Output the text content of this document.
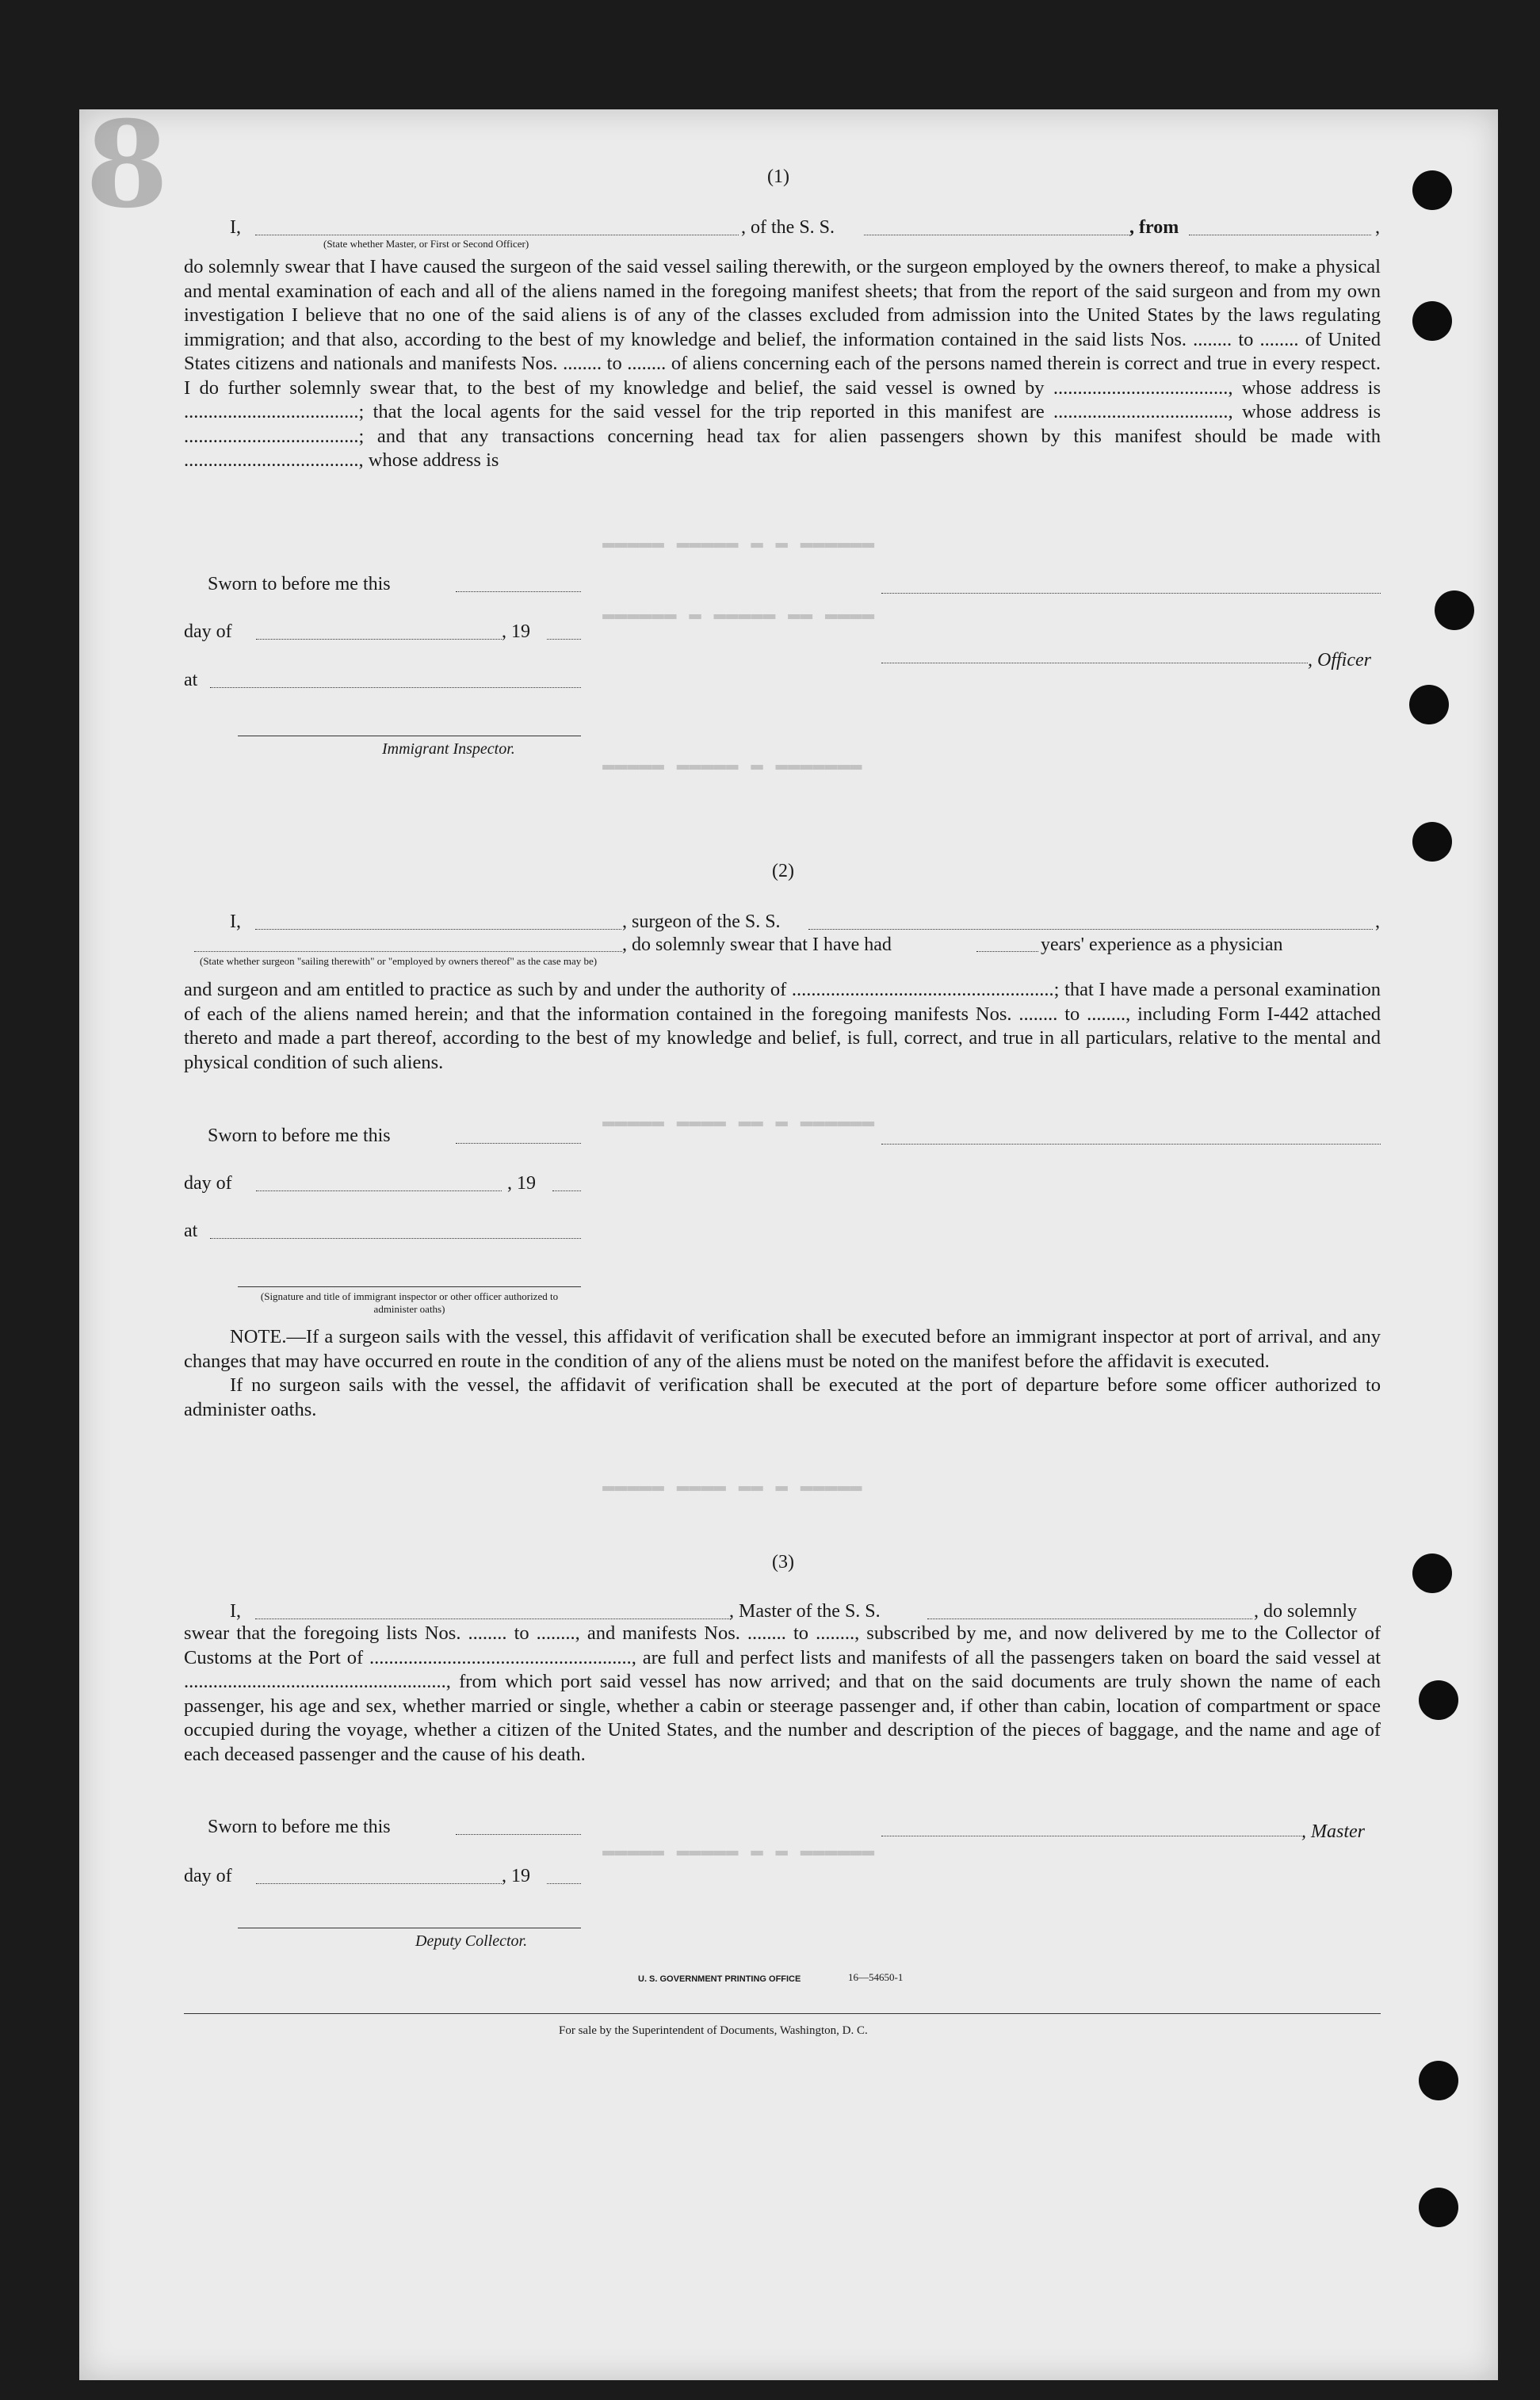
8
▬▬▬▬▬ ▬▬▬▬▬ ▬ ▬ ▬▬▬▬▬▬
▬▬▬▬▬▬ ▬ ▬▬▬▬▬ ▬▬ ▬▬▬▬
▬▬▬▬▬ ▬▬▬▬▬ ▬ ▬▬▬▬▬▬▬
▬▬▬▬▬ ▬▬▬▬ ▬▬ ▬ ▬▬▬▬▬▬
▬▬▬▬▬ ▬▬▬▬ ▬▬ ▬ ▬▬▬▬▬
▬▬▬▬▬ ▬▬▬▬▬ ▬ ▬ ▬▬▬▬▬▬
(1)
I,	, of the S. S.	, from	,
(State whether Master, or First or Second Officer)

do solemnly swear that I have caused the surgeon of the said vessel sailing therewith, or the surgeon employed by the owners thereof, to make a physical and mental examination of each and all of the aliens named in the foregoing manifest sheets; that from the report of the said surgeon and from my own investigation I believe that no one of the said aliens is of any of the classes excluded from admission into the United States by the laws regulating immigration; and that also, according to the best of my knowledge and belief, the information contained in the said lists Nos. ........ to ........ of United States citizens and nationals and manifests Nos. ........ to ........ of aliens concerning each of the persons named therein is correct and true in every respect. I do further solemnly swear that, to the best of my knowledge and belief, the said vessel is owned by ...................................., whose address is ....................................; that the local agents for the said vessel for the trip reported in this manifest are ...................................., whose address is ....................................; and that any transactions concerning head tax for alien passengers shown by this manifest should be made with ...................................., whose address is

Sworn to before me this
day of	, 19
at
Immigrant Inspector.
, Officer
(2)
I,	, surgeon of the S. S.	,
, do solemnly swear that I have had	years' experience as a physician
(State whether surgeon "sailing therewith" or "employed by owners thereof" as the case may be)

and surgeon and am entitled to practice as such by and under the authority of ......................................................; that I have made a personal examination of each of the aliens named herein; and that the information contained in the foregoing manifests Nos. ........ to ........, including Form I-442 attached thereto and made a part thereof, according to the best of my knowledge and belief, is full, correct, and true in all particulars, relative to the mental and physical condition of such aliens.

Sworn to before me this
day of	, 19
at
(Signature and title of immigrant inspector or other officer authorized to administer oaths)

NOTE.—If a surgeon sails with the vessel, this affidavit of verification shall be executed before an immigrant inspector at port of arrival, and any changes that may have occurred en route in the condition of any of the aliens must be noted on the manifest before the affidavit is executed.

If no surgeon sails with the vessel, the affidavit of verification shall be executed at the port of departure before some officer authorized to administer oaths.

(3)
I,	, Master of the S. S.	, do solemnly

swear that the foregoing lists Nos. ........ to ........, and manifests Nos. ........ to ........, subscribed by me, and now delivered by me to the Collector of Customs at the Port of ......................................................, are full and perfect lists and manifests of all the passengers taken on board the said vessel at ......................................................, from which port said vessel has now arrived; and that on the said documents are truly shown the name of each passenger, his age and sex, whether married or single, whether a cabin or steerage passenger and, if other than cabin, location of compartment or space occupied during the voyage, whether a citizen of the United States, and the number and description of the pieces of baggage, and the name and age of each deceased passenger and the cause of his death.

Sworn to before me this
day of	, 19
Deputy Collector.
, Master
U. S. GOVERNMENT PRINTING OFFICE	16—54650-1
For sale by the Superintendent of Documents, Washington, D. C.
